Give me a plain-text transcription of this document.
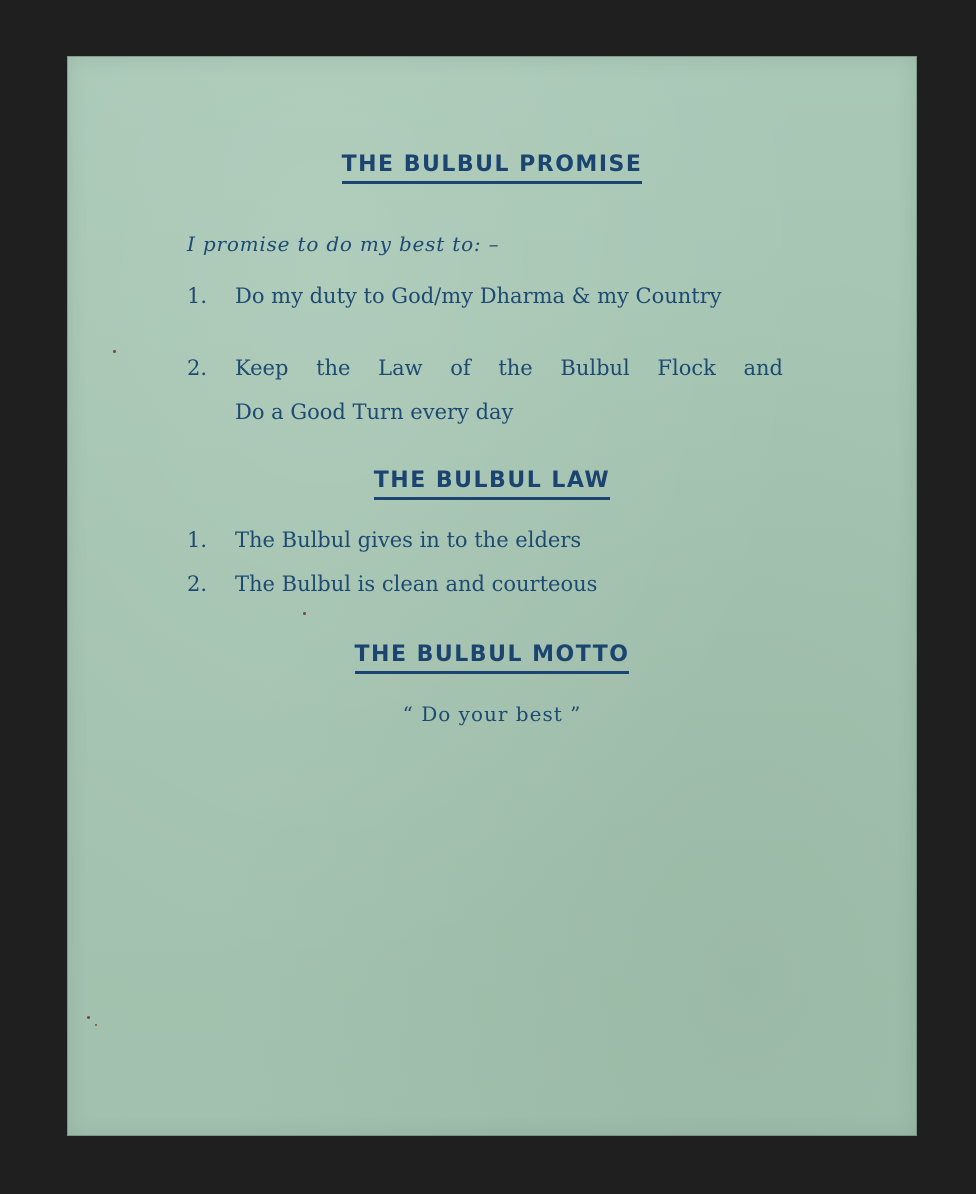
THE BULBUL PROMISE
I promise to do my best to: –
1. Do my duty to God/my Dharma & my Country
2. Keep the Law of the Bulbul Flock and
Do a Good Turn every day
THE BULBUL LAW
1. The Bulbul gives in to the elders
2. The Bulbul is clean and courteous
THE BULBUL MOTTO
“ Do your best ”
